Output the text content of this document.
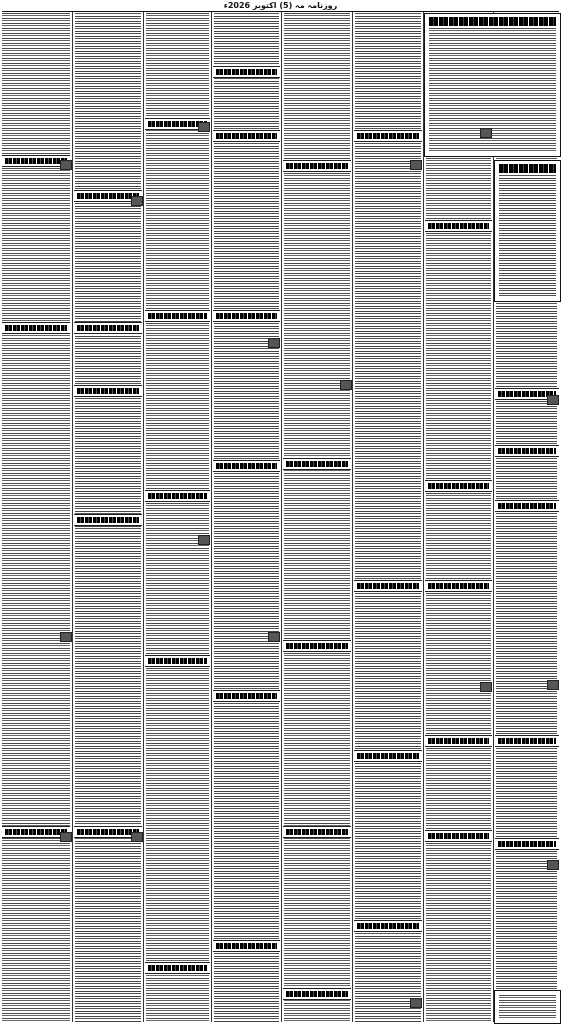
روزنامہ مہ (5) اکتوبر 2026ء
